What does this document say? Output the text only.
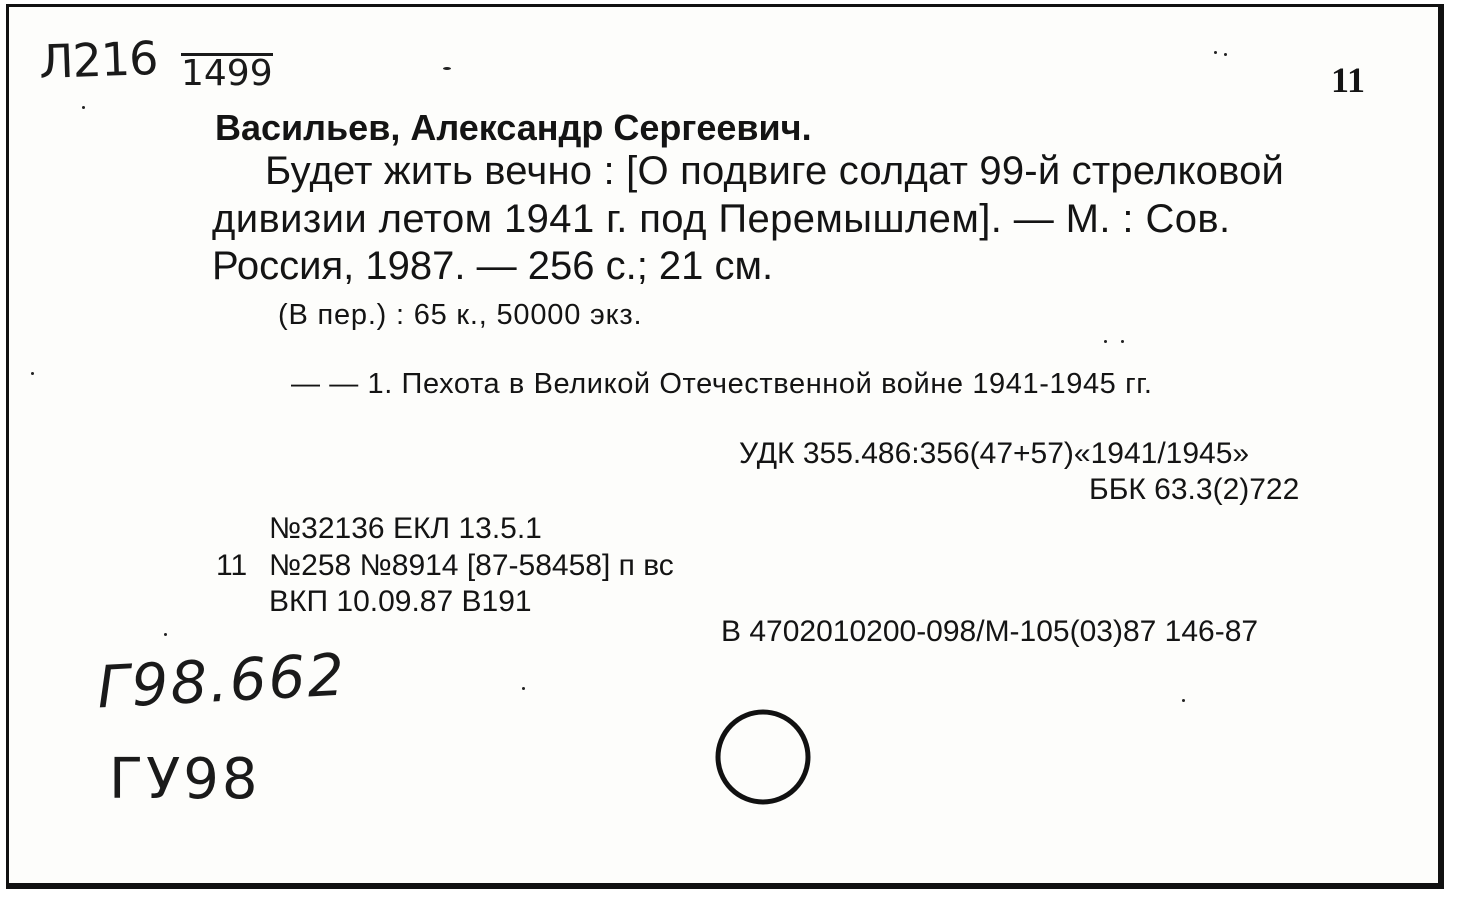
Л216 1499	11
Васильев, Александр Сергеевич.
Будет жить вечно : [О подвиге солдат 99-й стрелковой
дивизии летом 1941 г. под Перемышлем]. — М. : Сов.
Россия, 1987. — 256 с.; 21 см.
(В пер.) : 65 к., 50000 экз.
— — 1. Пехота в Великой Отечественной войне 1941-1945 гг.
УДК 355.486:356(47+57)«1941/1945»
ББК 63.3(2)722
№32136 ЕКЛ 13.5.1
11 №258 №8914 [87-58458] п вс
ВКП 10.09.87 В191
В 4702010200-098/М-105(03)87 146-87
Г98.662
ГУ98
